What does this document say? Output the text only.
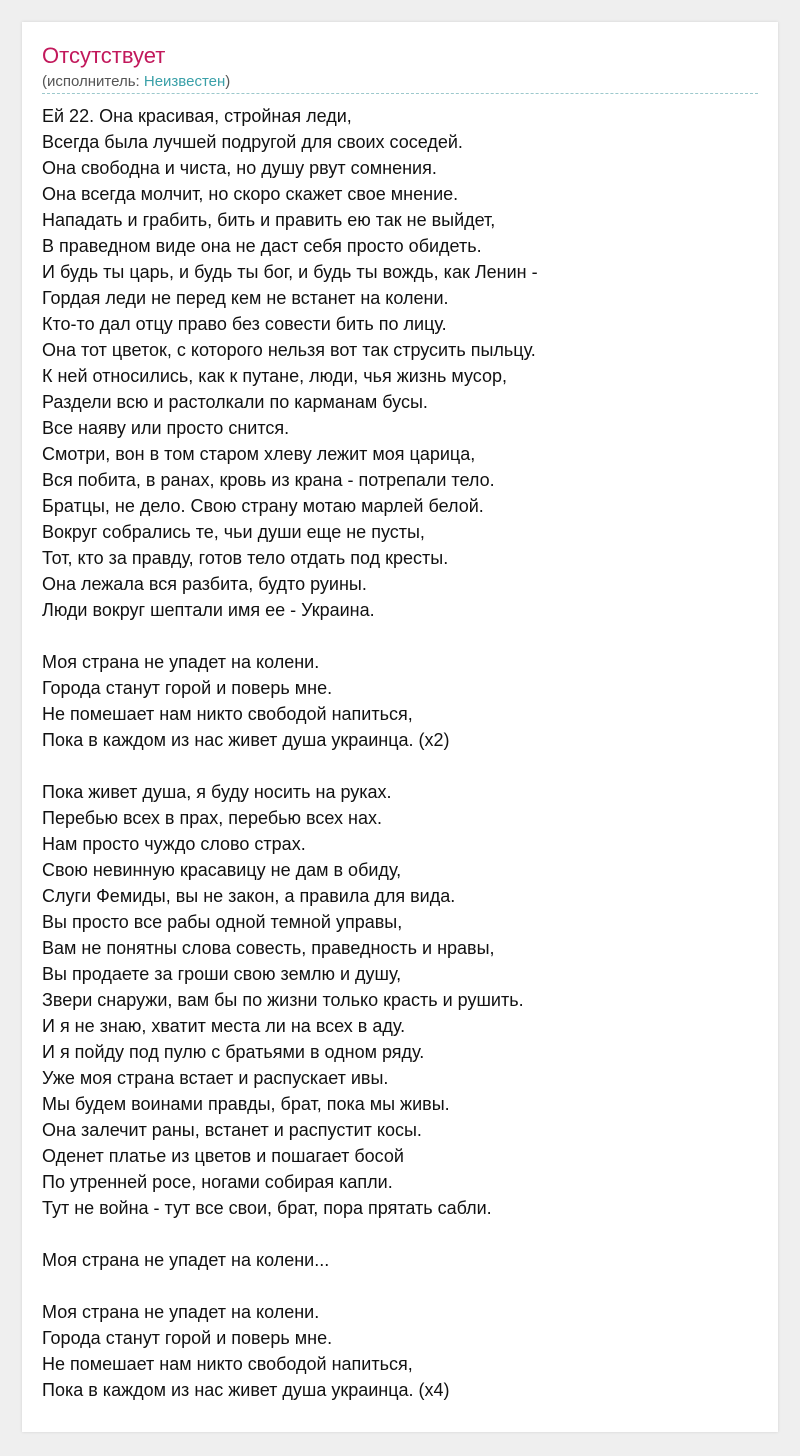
Отсутствует
(исполнитель: Неизвестен)
Ей 22. Она красивая, стройная леди,
Всегда была лучшей подругой для своих соседей.
Она свободна и чиста, но душу рвут сомнения.
Она всегда молчит, но скоро скажет свое мнение.
Нападать и грабить, бить и править ею так не выйдет,
В праведном виде она не даст себя просто обидеть.
И будь ты царь, и будь ты бог, и будь ты вождь, как Ленин -
Гордая леди не перед кем не встанет на колени.
Кто-то дал отцу право без совести бить по лицу.
Она тот цветок, с которого нельзя вот так струсить пыльцу.
К ней относились, как к путане, люди, чья жизнь мусор,
Раздели всю и растолкали по карманам бусы.
Все наяву или просто снится.
Смотри, вон в том старом хлеву лежит моя царица,
Вся побита, в ранах, кровь из крана - потрепали тело.
Братцы, не дело. Свою страну мотаю марлей белой.
Вокруг собрались те, чьи души еще не пусты,
Тот, кто за правду, готов тело отдать под кресты.
Она лежала вся разбита, будто руины.
Люди вокруг шептали имя ее - Украина.
Моя страна не упадет на колени.
Города станут горой и поверь мне.
Не помешает нам никто свободой напиться,
Пока в каждом из нас живет душа украинца. (x2)
Пока живет душа, я буду носить на руках.
Перебью всех в прах, перебью всех нах.
Нам просто чуждо слово страх.
Свою невинную красавицу не дам в обиду,
Слуги Фемиды, вы не закон, а правила для вида.
Вы просто все рабы одной темной управы,
Вам не понятны слова совесть, праведность и нравы,
Вы продаете за гроши свою землю и душу,
Звери снаружи, вам бы по жизни только красть и рушить.
И я не знаю, хватит места ли на всех в аду.
И я пойду под пулю с братьями в одном ряду.
Уже моя страна встает и распускает ивы.
Мы будем воинами правды, брат, пока мы живы.
Она залечит раны, встанет и распустит косы.
Оденет платье из цветов и пошагает босой
По утренней росе, ногами собирая капли.
Тут не война - тут все свои, брат, пора прятать сабли.
Моя страна не упадет на колени...
Моя страна не упадет на колени.
Города станут горой и поверь мне.
Не помешает нам никто свободой напиться,
Пока в каждом из нас живет душа украинца. (x4)
